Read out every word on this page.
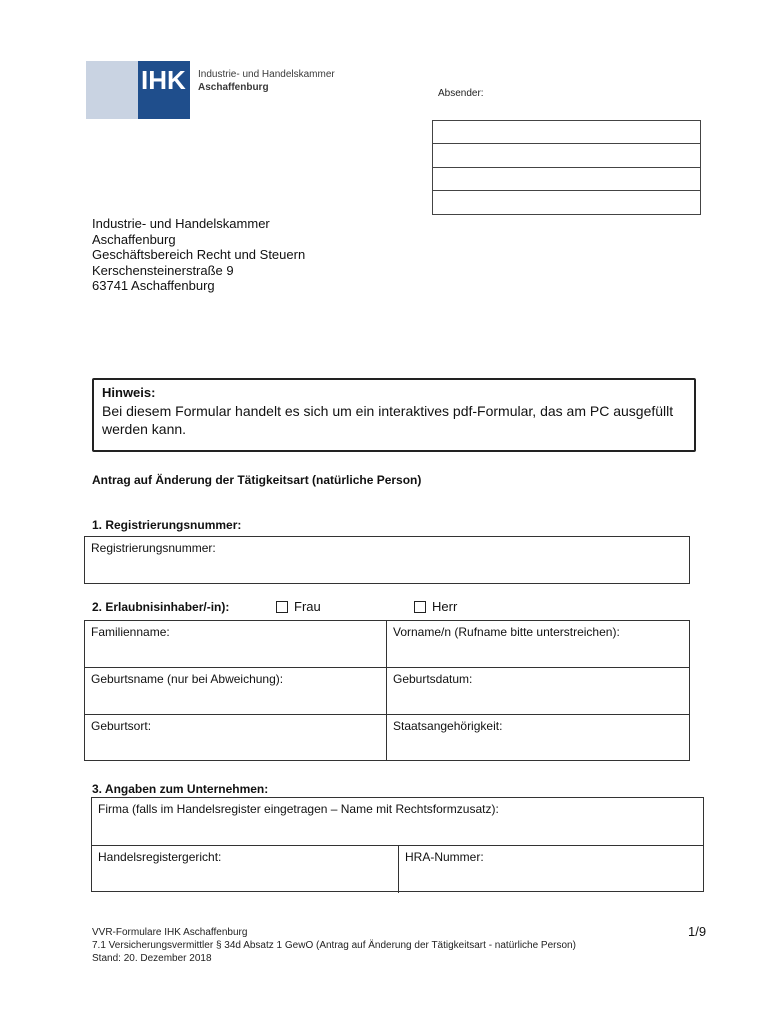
IHK Industrie- und Handelskammer
Aschaffenburg
Absender:
Industrie- und Handelskammer
Aschaffenburg
Geschäftsbereich Recht und Steuern
Kerschensteinerstraße 9
63741 Aschaffenburg
Hinweis:
Bei diesem Formular handelt es sich um ein interaktives pdf-Formular, das am PC ausgefüllt werden kann.
Antrag auf Änderung der Tätigkeitsart (natürliche Person)
1. Registrierungsnummer:
Registrierungsnummer:
2. Erlaubnisinhaber/-in):	Frau	Herr
Familienname:	Vorname/n (Rufname bitte unterstreichen):
Geburtsname (nur bei Abweichung):	Geburtsdatum:
Geburtsort:	Staatsangehörigkeit:
3. Angaben zum Unternehmen:
Firma (falls im Handelsregister eingetragen – Name mit Rechtsformzusatz):
Handelsregistergericht:	HRA-Nummer:
VVR-Formulare IHK Aschaffenburg
7.1 Versicherungsvermittler § 34d Absatz 1 GewO (Antrag auf Änderung der Tätigkeitsart - natürliche Person)
Stand: 20. Dezember 2018
1/9
